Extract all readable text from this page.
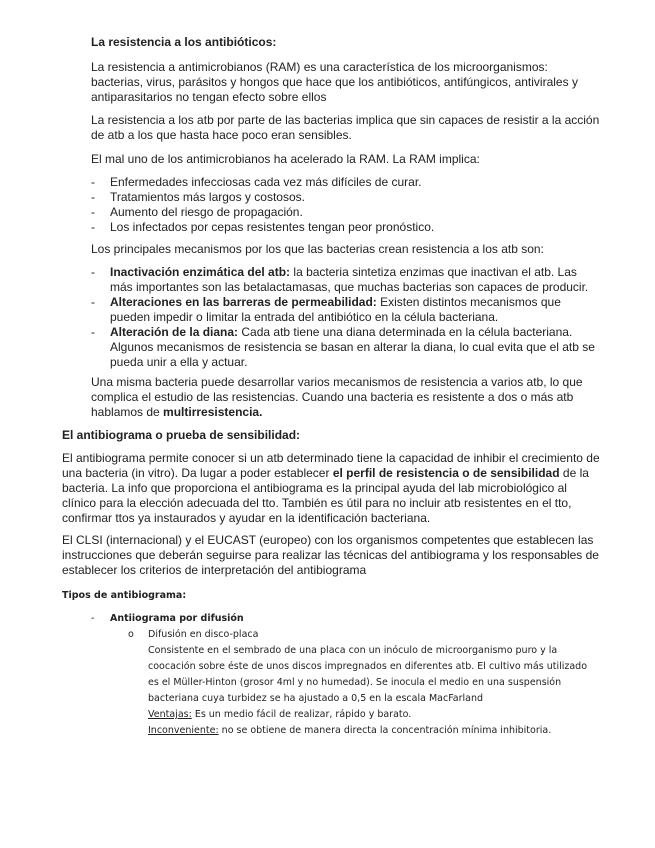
La resistencia a los antibióticos:

La resistencia a antimicrobianos (RAM) es una característica de los microorganismos: bacterias, virus, parásitos y hongos que hace que los antibióticos, antifúngicos, antivirales y antiparasitarios no tengan efecto sobre ellos

La resistencia a los atb por parte de las bacterias implica que sin capaces de resistir a la acción de atb a los que hasta hace poco eran sensibles.

El mal uno de los antimicrobianos ha acelerado la RAM. La RAM implica:

- Enfermedades infecciosas cada vez más difíciles de curar.
- Tratamientos más largos y costosos.
- Aumento del riesgo de propagación.
- Los infectados por cepas resistentes tengan peor pronóstico.

Los principales mecanismos por los que las bacterias crean resistencia a los atb son:

- Inactivación enzimática del atb: la bacteria sintetiza enzimas que inactivan el atb. Las más importantes son las betalactamasas, que muchas bacterias son capaces de producir.
- Alteraciones en las barreras de permeabilidad: Existen distintos mecanismos que pueden impedir o limitar la entrada del antibiótico en la célula bacteriana.
- Alteración de la diana: Cada atb tiene una diana determinada en la célula bacteriana. Algunos mecanismos de resistencia se basan en alterar la diana, lo cual evita que el atb se pueda unir a ella y actuar.

Una misma bacteria puede desarrollar varios mecanismos de resistencia a varios atb, lo que complica el estudio de las resistencias. Cuando una bacteria es resistente a dos o más atb hablamos de multirresistencia.

El antibiograma o prueba de sensibilidad:

El antibiograma permite conocer si un atb determinado tiene la capacidad de inhibir el crecimiento de una bacteria (in vitro). Da lugar a poder establecer el perfil de resistencia o de sensibilidad de la bacteria. La info que proporciona el antibiograma es la principal ayuda del lab microbiológico al clínico para la elección adecuada del tto. También es útil para no incluir atb resistentes en el tto, confirmar ttos ya instaurados y ayudar en la identificación bacteriana.

El CLSI (internacional) y el EUCAST (europeo) con los organismos competentes que establecen las instrucciones que deberán seguirse para realizar las técnicas del antibiograma y los responsables de establecer los criterios de interpretación del antibiograma

Tipos de antibiograma:
- Antiiograma por difusión
o Difusión en disco-placa
Consistente en el sembrado de una placa con un inóculo de microorganismo puro y la coocación sobre éste de unos discos impregnados en diferentes atb. El cultivo más utilizado es el Müller-Hinton (grosor 4ml y no humedad). Se inocula el medio en una suspensión bacteriana cuya turbidez se ha ajustado a 0,5 en la escala MacFarland
Ventajas: Es un medio fácil de realizar, rápido y barato.
Inconveniente: no se obtiene de manera directa la concentración mínima inhibitoria.
